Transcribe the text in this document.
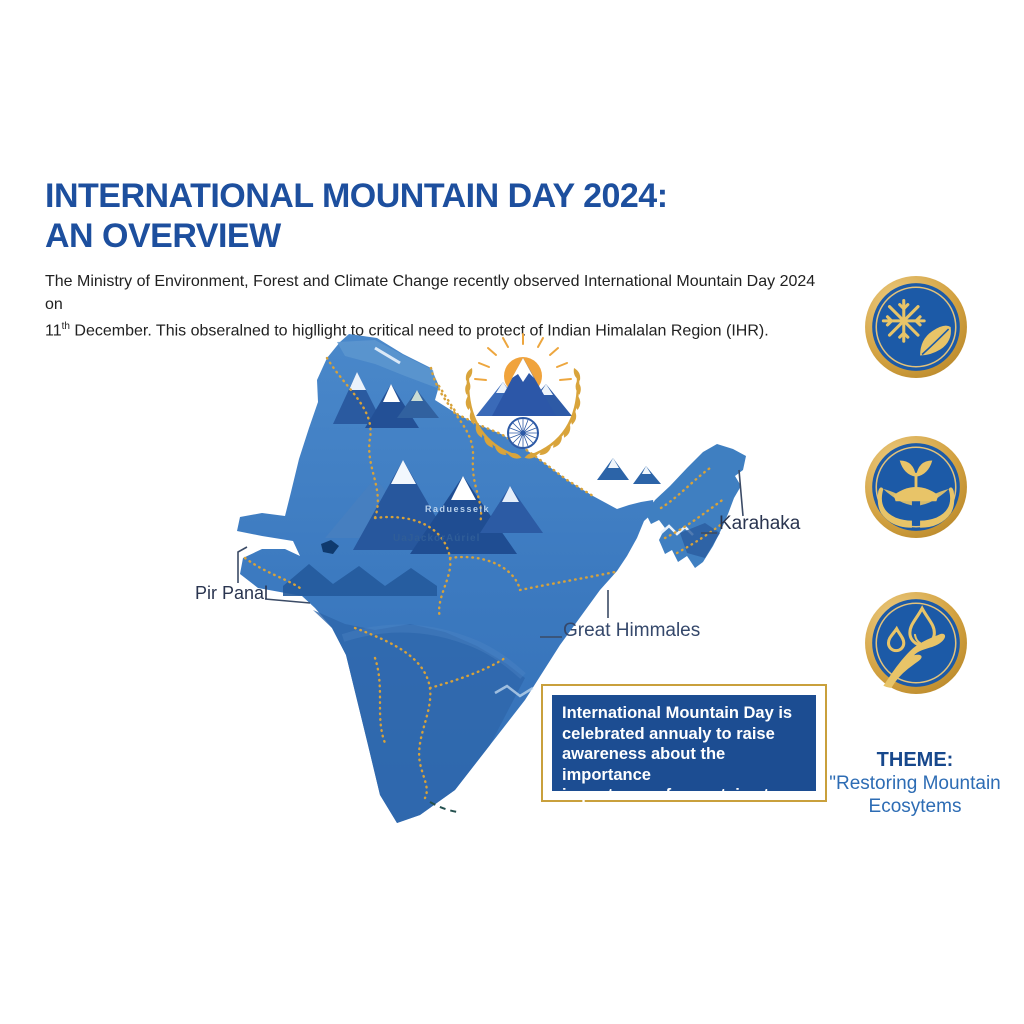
INTERNATIONAL MOUNTAIN DAY 2024:
AN OVERVIEW
The Ministry of Environment, Forest and Climate Change recently observed International Mountain Day 2024 on
11th December. This obseralned to higllight to critical need to protect of Indian Himalalan Region (IHR).
Raduesseik
UaJackorAúriel
Pir Panal
Great Himmales
Karahaka
International Mountain Day is
celebrated annualy to raise
awareness about the importance
importance of mountains to life.
THEME:
"Restoring Mountain
Ecosytems
